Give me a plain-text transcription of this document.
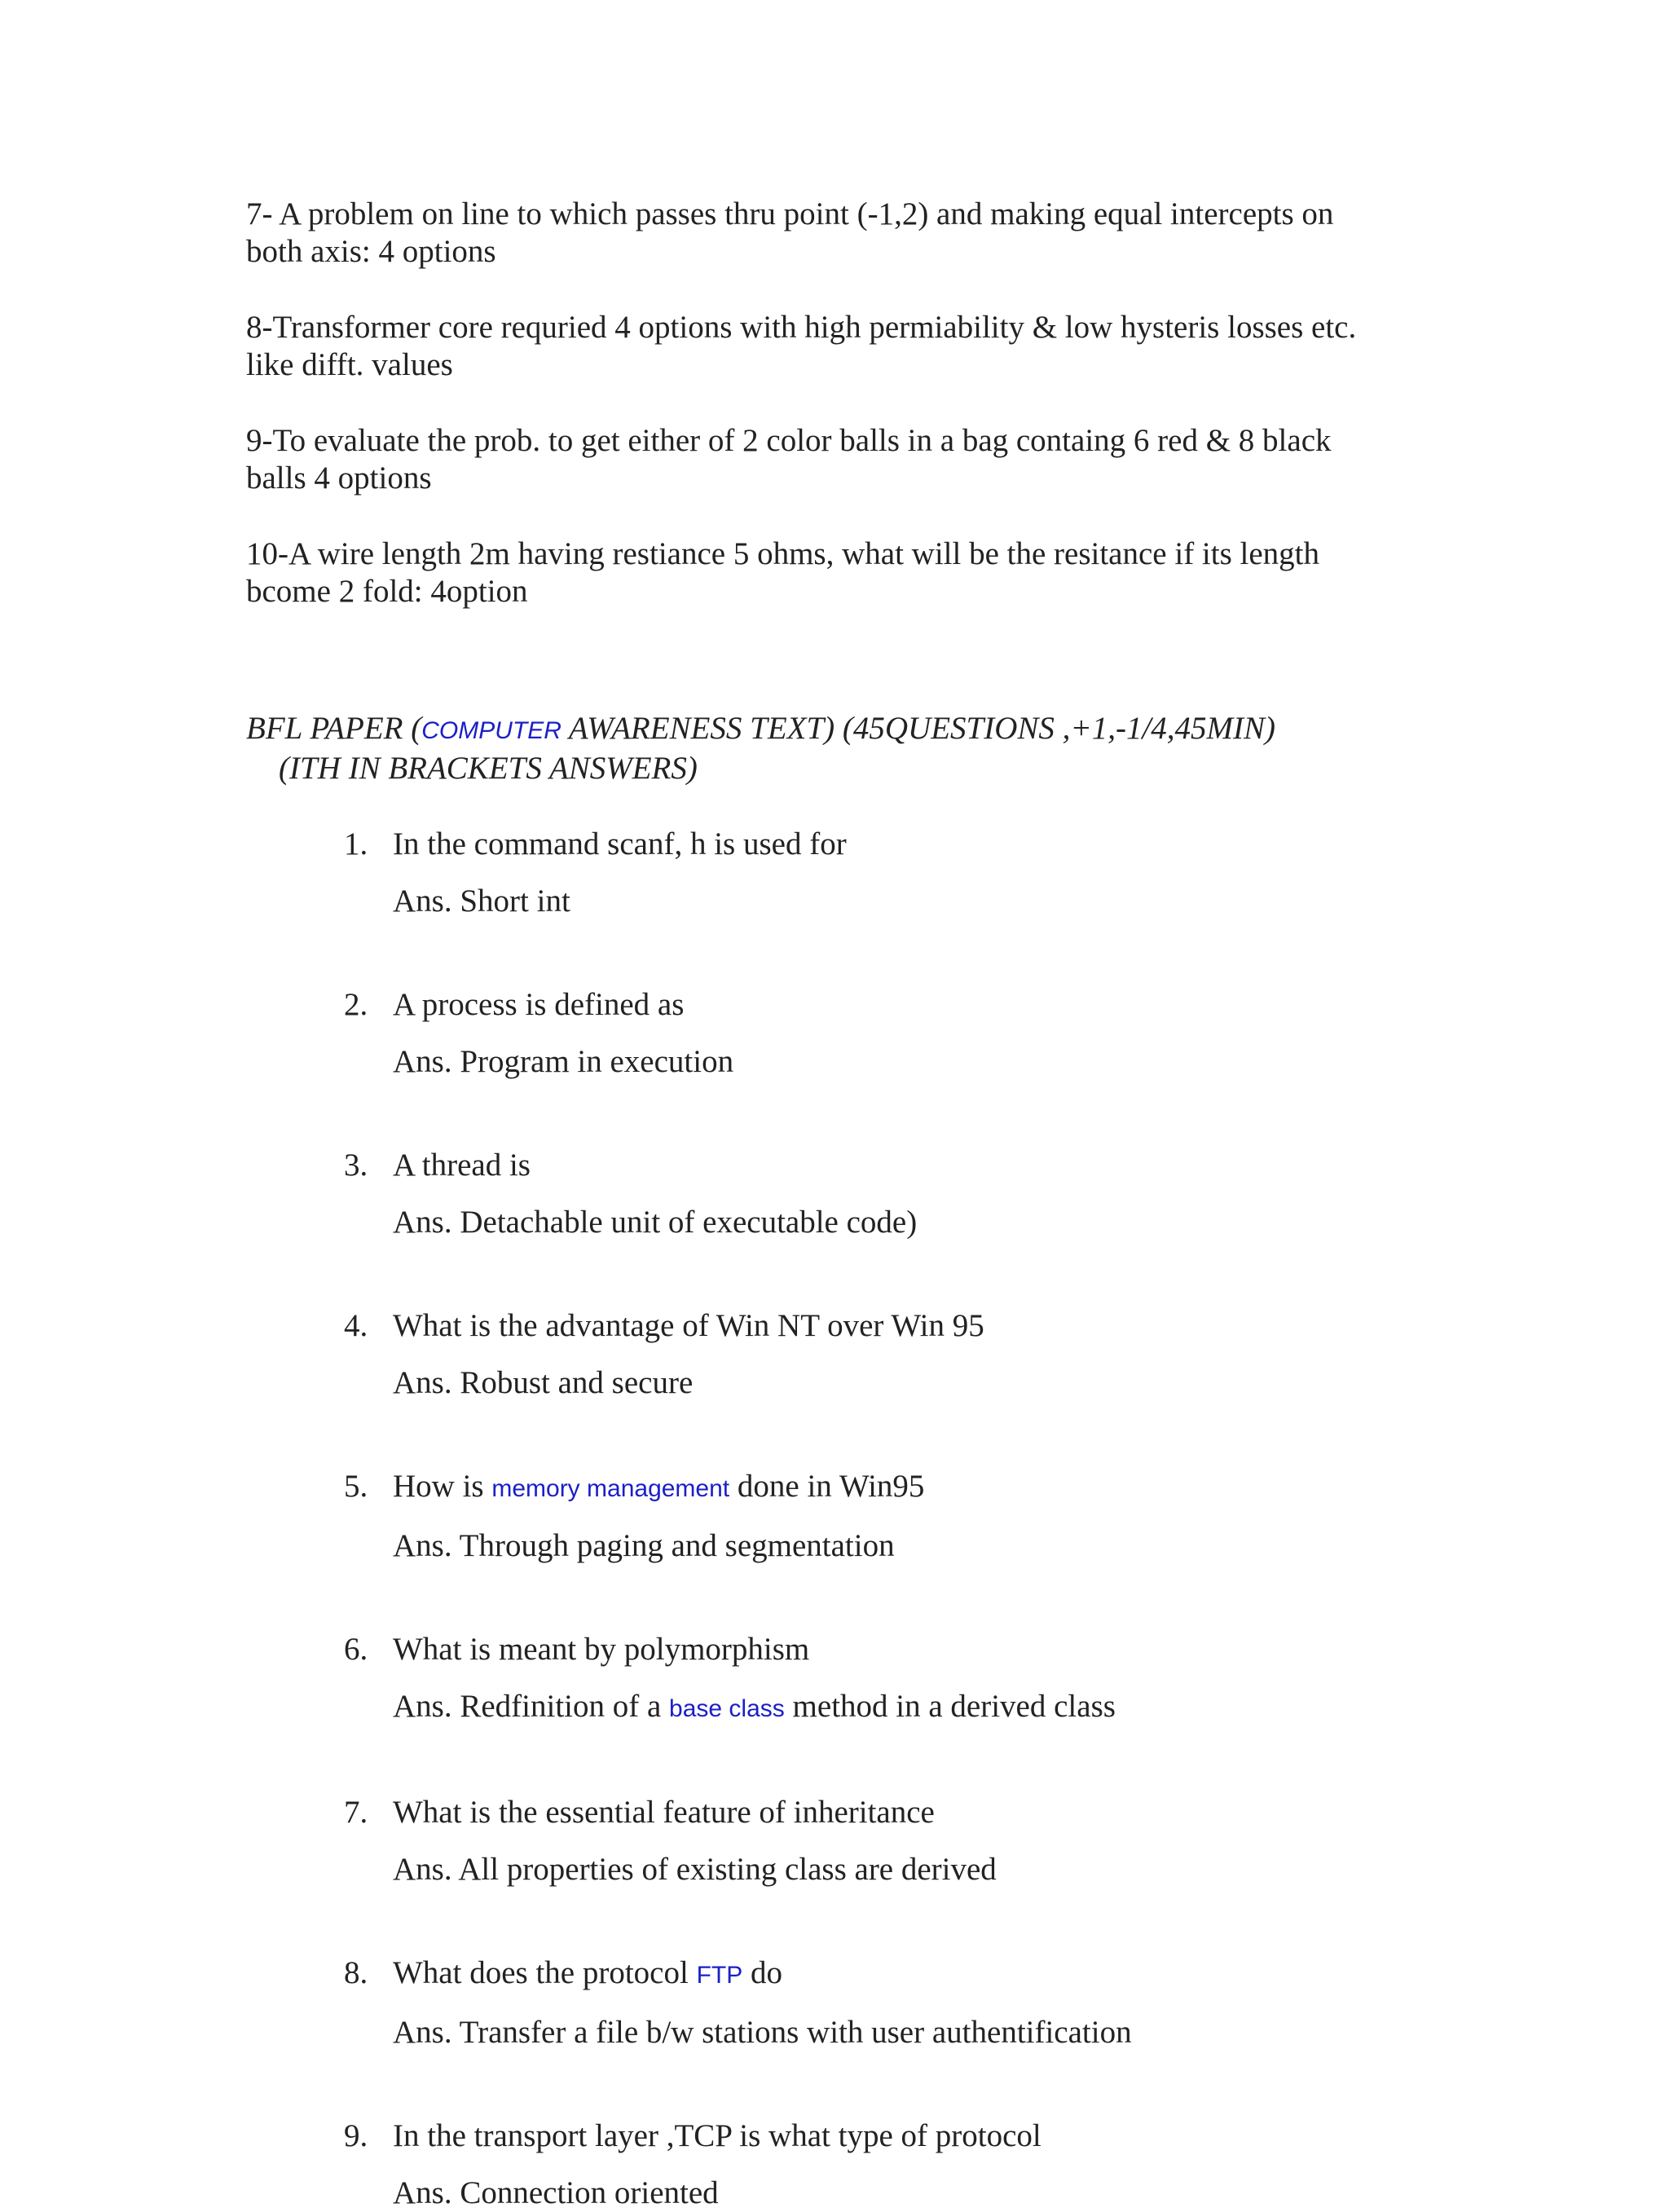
7- A problem on line to which passes thru point (-1,2) and making equal intercepts on
both axis: 4 options
8-Transformer core requried 4 options with high permiability & low hysteris losses etc.
like difft. values
9-To evaluate the prob. to get either of 2 color balls in a bag containg 6 red & 8 black
balls 4 options
10-A wire length 2m having restiance 5 ohms, what will be the resitance if its length
bcome 2 fold: 4option
BFL PAPER (COMPUTER AWARENESS TEXT) (45QUESTIONS ,+1,-1/4,45MIN)
(ITH IN BRACKETS ANSWERS)
1. In the command scanf, h is used for
Ans. Short int
2. A process is defined as
Ans. Program in execution
3. A thread is
Ans. Detachable unit of executable code)
4. What is the advantage of Win NT over Win 95
Ans. Robust and secure
5. How is memory management done in Win95
Ans. Through paging and segmentation
6. What is meant by polymorphism
Ans. Redfinition of a base class method in a derived class
7. What is the essential feature of inheritance
Ans. All properties of existing class are derived
8. What does the protocol FTP do
Ans. Transfer a file b/w stations with user authentification
9. In the transport layer ,TCP is what type of protocol
Ans. Connection oriented
